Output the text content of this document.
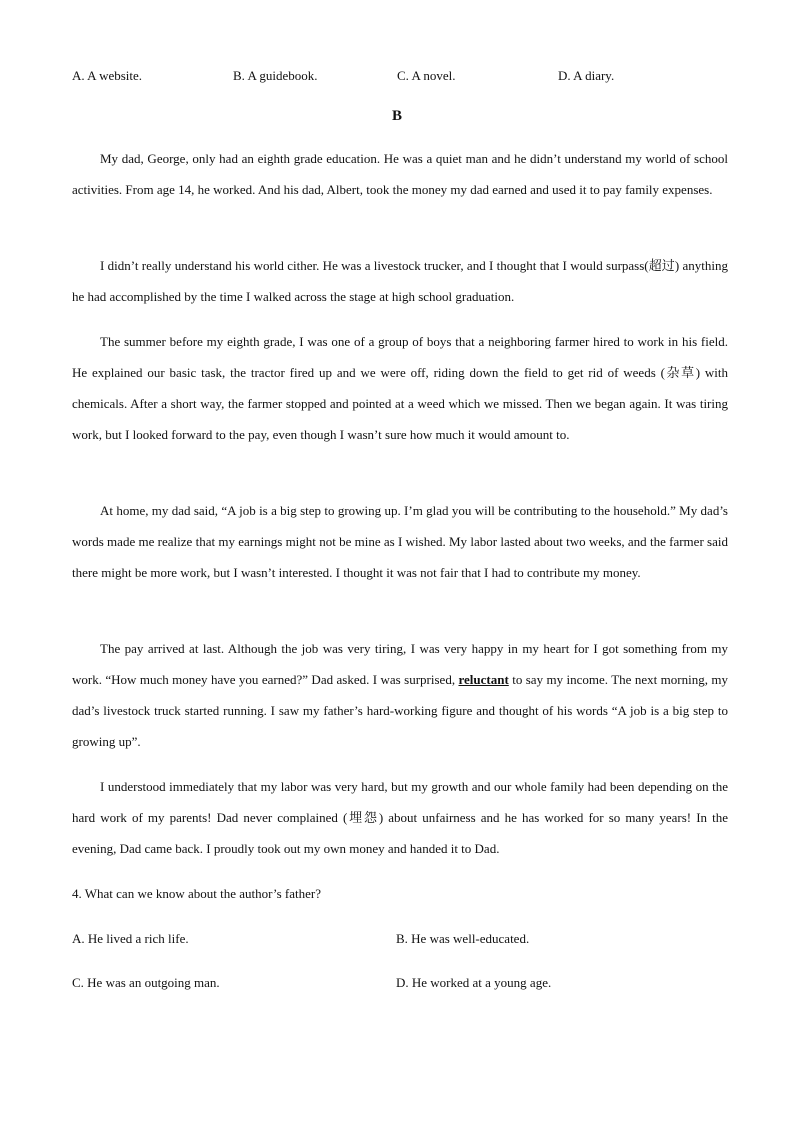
A. A website.	B. A guidebook.	C. A novel.	D. A diary.
B

My dad, George, only had an eighth grade education. He was a quiet man and he didn’t understand my world of school activities. From age 14, he worked. And his dad, Albert, took the money my dad earned and used it to pay family expenses.

I didn’t really understand his world cither. He was a livestock trucker, and I thought that I would surpass(超过) anything he had accomplished by the time I walked across the stage at high school graduation.

The summer before my eighth grade, I was one of a group of boys that a neighboring farmer hired to work in his field. He explained our basic task, the tractor fired up and we were off, riding down the field to get rid of weeds (杂草) with chemicals. After a short way, the farmer stopped and pointed at a weed which we missed. Then we began again. It was tiring work, but I looked forward to the pay, even though I wasn’t sure how much it would amount to.

At home, my dad said, “A job is a big step to growing up. I’m glad you will be contributing to the household.” My dad’s words made me realize that my earnings might not be mine as I wished. My labor lasted about two weeks, and the farmer said there might be more work, but I wasn’t interested. I thought it was not fair that I had to contribute my money.

The pay arrived at last. Although the job was very tiring, I was very happy in my heart for I got something from my work. “How much money have you earned?” Dad asked. I was surprised, reluctant to say my income. The next morning, my dad’s livestock truck started running. I saw my father’s hard-working figure and thought of his words “A job is a big step to growing up”.

I understood immediately that my labor was very hard, but my growth and our whole family had been depending on the hard work of my parents! Dad never complained (埋怨) about unfairness and he has worked for so many years! In the evening, Dad came back. I proudly took out my own money and handed it to Dad.

4. What can we know about the author’s father?
A. He lived a rich life.	B. He was well-educated.
C. He was an outgoing man.	D. He worked at a young age.
